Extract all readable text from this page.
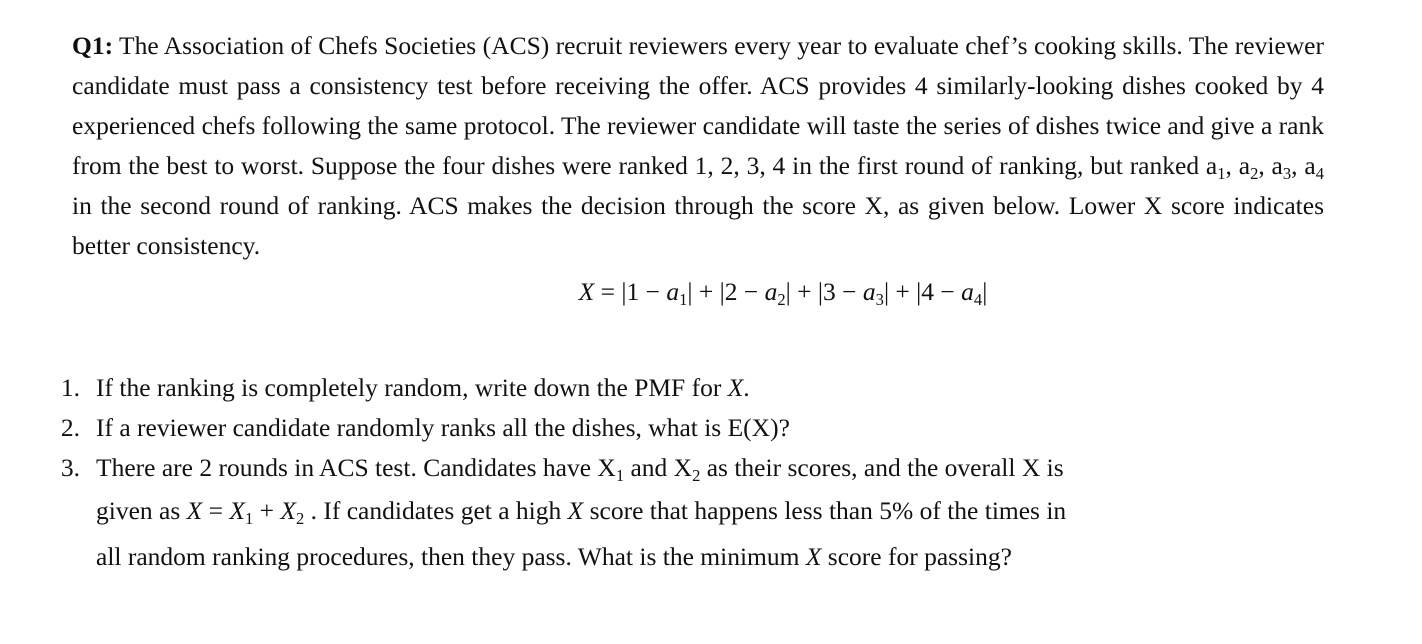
Q1: The Association of Chefs Societies (ACS) recruit reviewers every year to evaluate chef’s cooking skills. The reviewer candidate must pass a consistency test before receiving the offer. ACS provides 4 similarly-looking dishes cooked by 4 experienced chefs following the same protocol. The reviewer candidate will taste the series of dishes twice and give a rank from the best to worst. Suppose the four dishes were ranked 1, 2, 3, 4 in the first round of ranking, but ranked $a_1$, $a_2$, $a_3$, $a_4$ in the second round of ranking. ACS makes the decision through the score X, as given below. Lower X score indicates better consistency.

$X = |1 - a_1| + |2 - a_2| + |3 - a_3| + |4 - a_4|$
1. If the ranking is completely random, write down the PMF for X.
2. If a reviewer candidate randomly ranks all the dishes, what is E(X)?
3. There are 2 rounds in ACS test. Candidates have $X_1$ and $X_2$ as their scores, and the overall X is
given as $X = X_1 + X_2$ . If candidates get a high X score that happens less than 5% of the times in
all random ranking procedures, then they pass. What is the minimum X score for passing?
